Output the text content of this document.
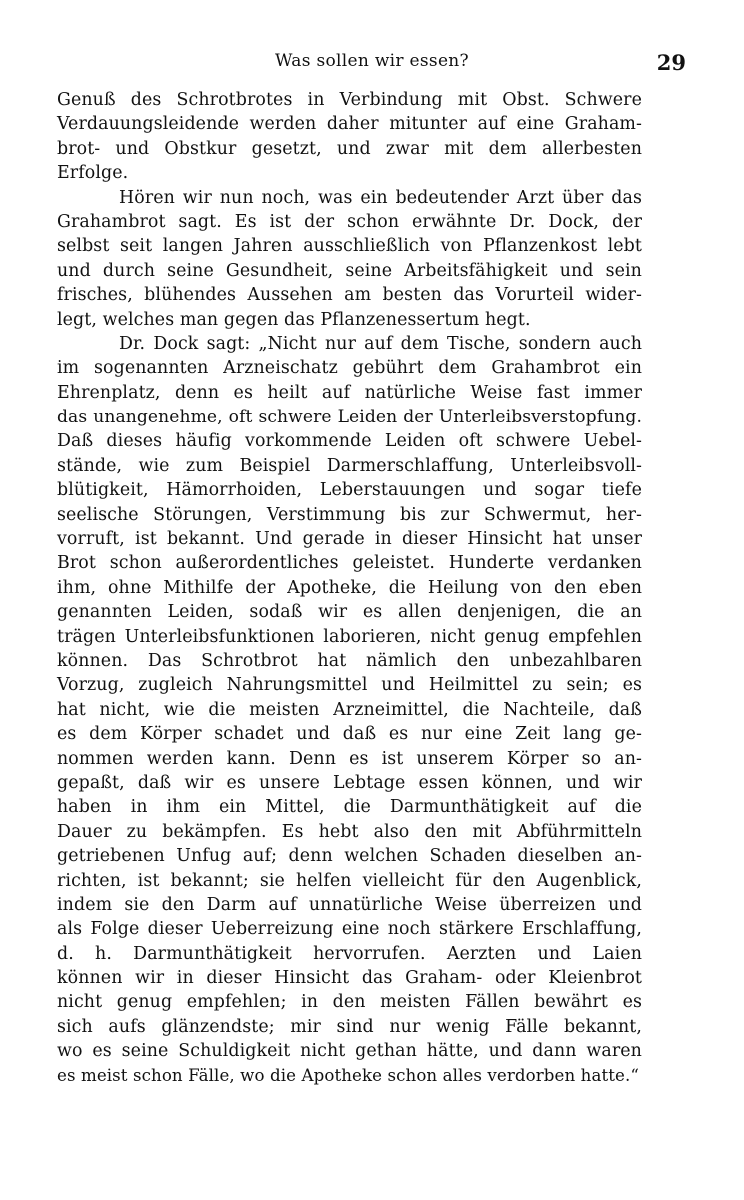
Was sollen wir essen?	29
Genuß des Schrotbrotes in Verbindung mit Obst. Schwere
Verdauungsleidende werden daher mitunter auf eine Graham-
brot- und Obstkur gesetzt, und zwar mit dem allerbesten
Erfolge.
Hören wir nun noch, was ein bedeutender Arzt über das
Grahambrot sagt. Es ist der schon erwähnte Dr. Dock, der
selbst seit langen Jahren ausschließlich von Pflanzenkost lebt
und durch seine Gesundheit, seine Arbeitsfähigkeit und sein
frisches, blühendes Aussehen am besten das Vorurteil wider-
legt, welches man gegen das Pflanzenessertum hegt.
Dr. Dock sagt: „Nicht nur auf dem Tische, sondern auch
im sogenannten Arzneischatz gebührt dem Grahambrot ein
Ehrenplatz, denn es heilt auf natürliche Weise fast immer
das unangenehme, oft schwere Leiden der Unterleibsverstopfung.
Daß dieses häufig vorkommende Leiden oft schwere Uebel-
stände, wie zum Beispiel Darmerschlaffung, Unterleibsvoll-
blütigkeit, Hämorrhoiden, Leberstauungen und sogar tiefe
seelische Störungen, Verstimmung bis zur Schwermut, her-
vorruft, ist bekannt. Und gerade in dieser Hinsicht hat unser
Brot schon außerordentliches geleistet. Hunderte verdanken
ihm, ohne Mithilfe der Apotheke, die Heilung von den eben
genannten Leiden, sodaß wir es allen denjenigen, die an
trägen Unterleibsfunktionen laborieren, nicht genug empfehlen
können. Das Schrotbrot hat nämlich den unbezahlbaren
Vorzug, zugleich Nahrungsmittel und Heilmittel zu sein; es
hat nicht, wie die meisten Arzneimittel, die Nachteile, daß
es dem Körper schadet und daß es nur eine Zeit lang ge-
nommen werden kann. Denn es ist unserem Körper so an-
gepaßt, daß wir es unsere Lebtage essen können, und wir
haben in ihm ein Mittel, die Darmunthätigkeit auf die
Dauer zu bekämpfen. Es hebt also den mit Abführmitteln
getriebenen Unfug auf; denn welchen Schaden dieselben an-
richten, ist bekannt; sie helfen vielleicht für den Augenblick,
indem sie den Darm auf unnatürliche Weise überreizen und
als Folge dieser Ueberreizung eine noch stärkere Erschlaffung,
d. h. Darmunthätigkeit hervorrufen. Aerzten und Laien
können wir in dieser Hinsicht das Graham- oder Kleienbrot
nicht genug empfehlen; in den meisten Fällen bewährt es
sich aufs glänzendste; mir sind nur wenig Fälle bekannt,
wo es seine Schuldigkeit nicht gethan hätte, und dann waren
es meist schon Fälle, wo die Apotheke schon alles verdorben hatte.“
